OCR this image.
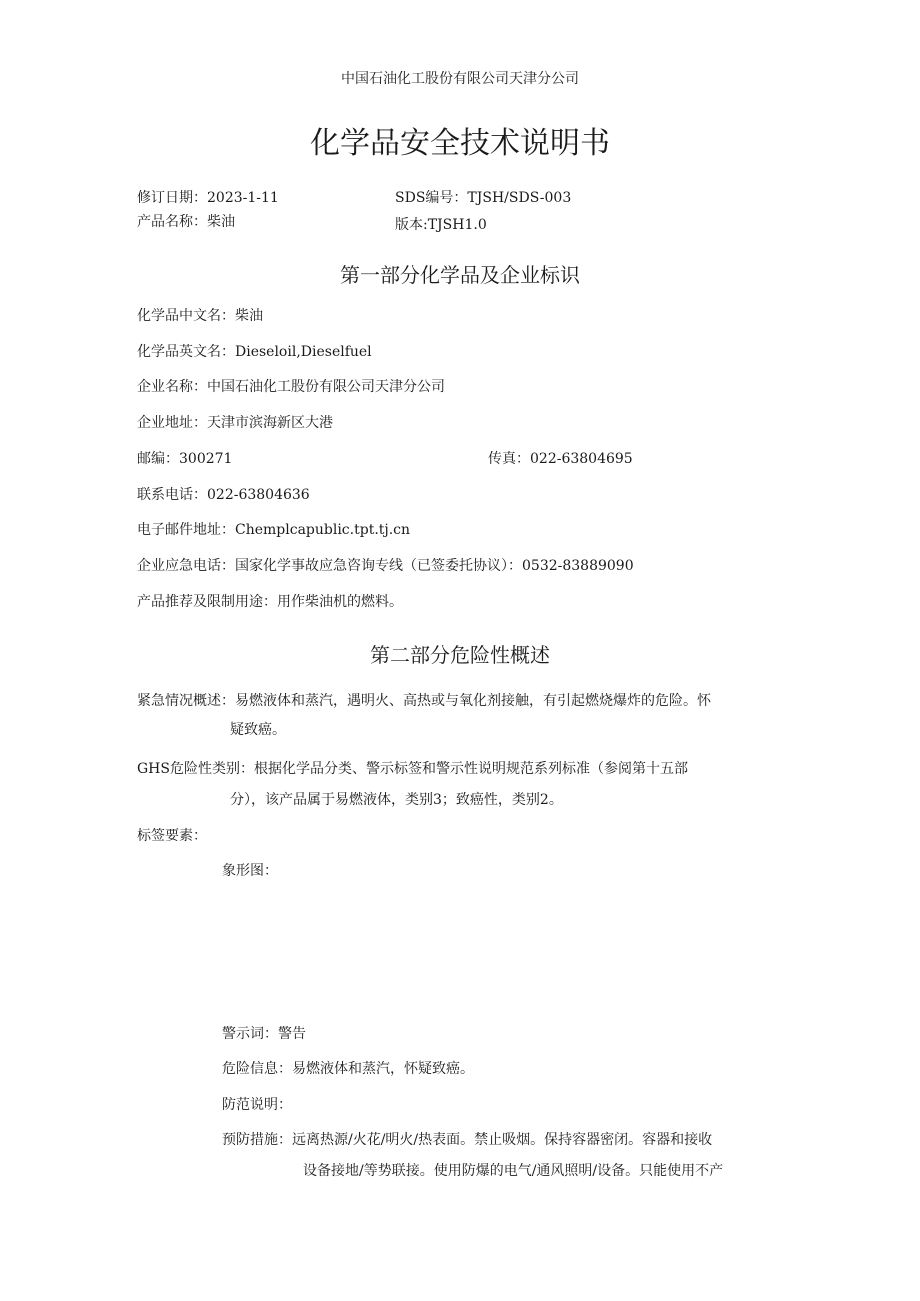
中国石油化工股份有限公司天津分公司
化学品安全技术说明书
修订日期：2023-1-11	SDS编号：TJSH/SDS-003
产品名称：柴油	版本:TJSH1.0
第一部分化学品及企业标识
化学品中文名：柴油
化学品英文名：Dieseloil,Dieselfuel
企业名称：中国石油化工股份有限公司天津分公司
企业地址：天津市滨海新区大港
邮编：300271	传真：022-63804695
联系电话：022-63804636
电子邮件地址：Chemplcapublic.tpt.tj.cn
企业应急电话：国家化学事故应急咨询专线（已签委托协议）：0532-83889090
产品推荐及限制用途：用作柴油机的燃料。
第二部分危险性概述
紧急情况概述：易燃液体和蒸汽，遇明火、高热或与氧化剂接触，有引起燃烧爆炸的危险。怀
疑致癌。
GHS危险性类别：根据化学品分类、警示标签和警示性说明规范系列标准（参阅第十五部
分），该产品属于易燃液体，类别3；致癌性，类别2。
标签要素：
象形图：
警示词：警告
危险信息：易燃液体和蒸汽，怀疑致癌。
防范说明：
预防措施：远离热源/火花/明火/热表面。禁止吸烟。保持容器密闭。容器和接收
设备接地/等势联接。使用防爆的电气/通风照明/设备。只能使用不产
